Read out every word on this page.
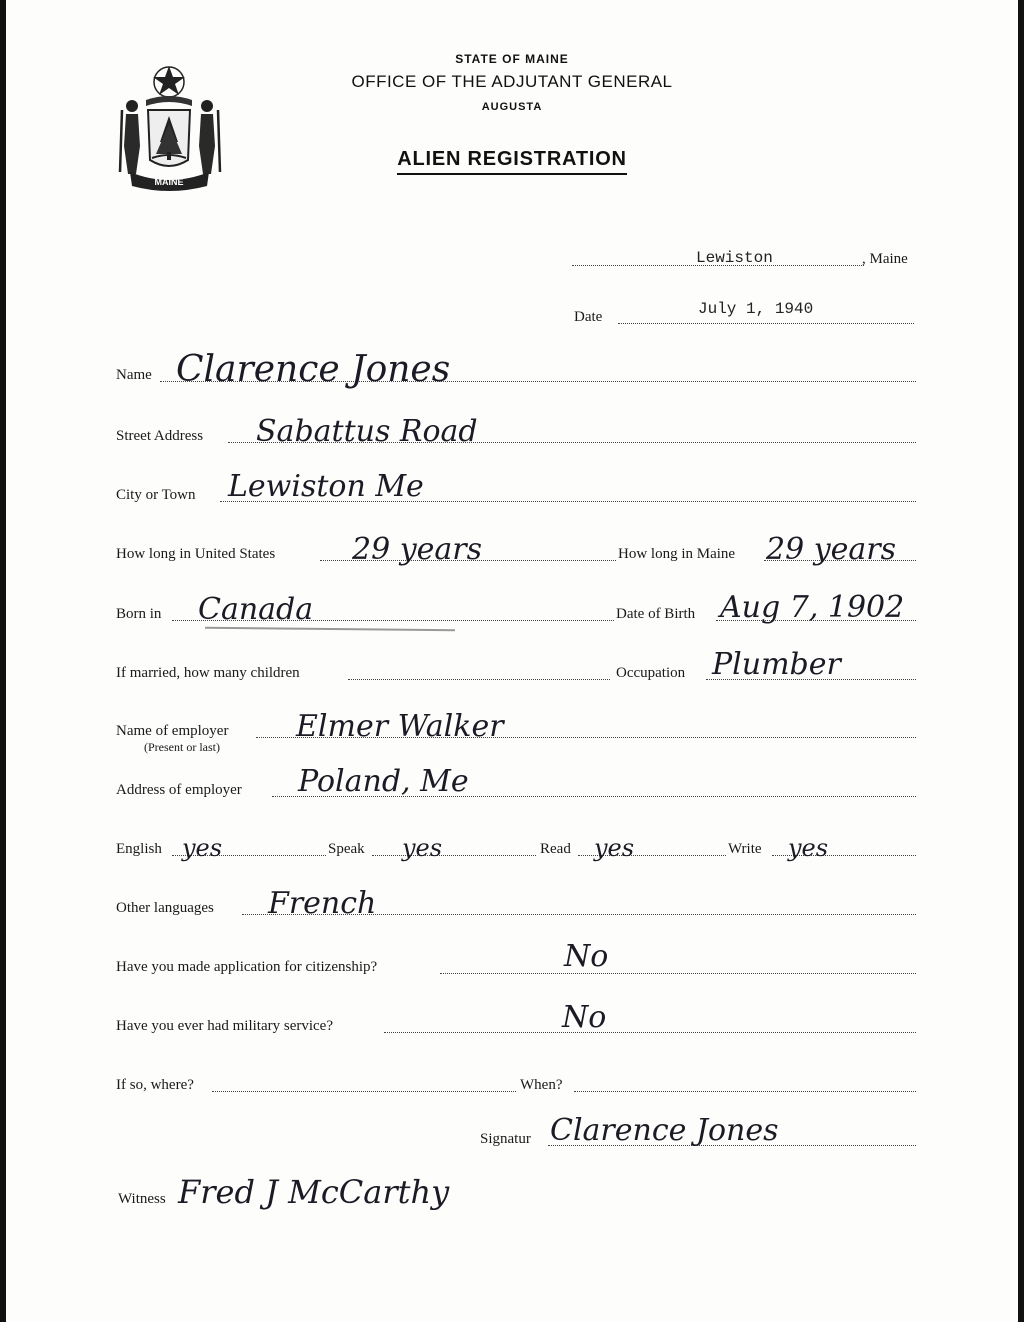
MAINE
STATE OF MAINE
OFFICE OF THE ADJUTANT GENERAL
AUGUSTA
ALIEN REGISTRATION
Lewiston	, Maine
Date	July 1, 1940
Name Clarence Jones
Street Address Sabattus Road
City or Town Lewiston Me
How long in United States	29 years	How long in Maine 29 years
Born in Canada	Date of Birth Aug 7, 1902
If married, how many children	Occupation Plumber
Name of employer Elmer Walker
(Present or last)
Address of employer Poland, Me
English yes	Speak yes	Read yes	Write yes
Other languages French
Have you made application for citizenship?	No
Have you ever had military service?	No
If so, where?	When?
Signatur Clarence Jones
Witness Fred J McCarthy
